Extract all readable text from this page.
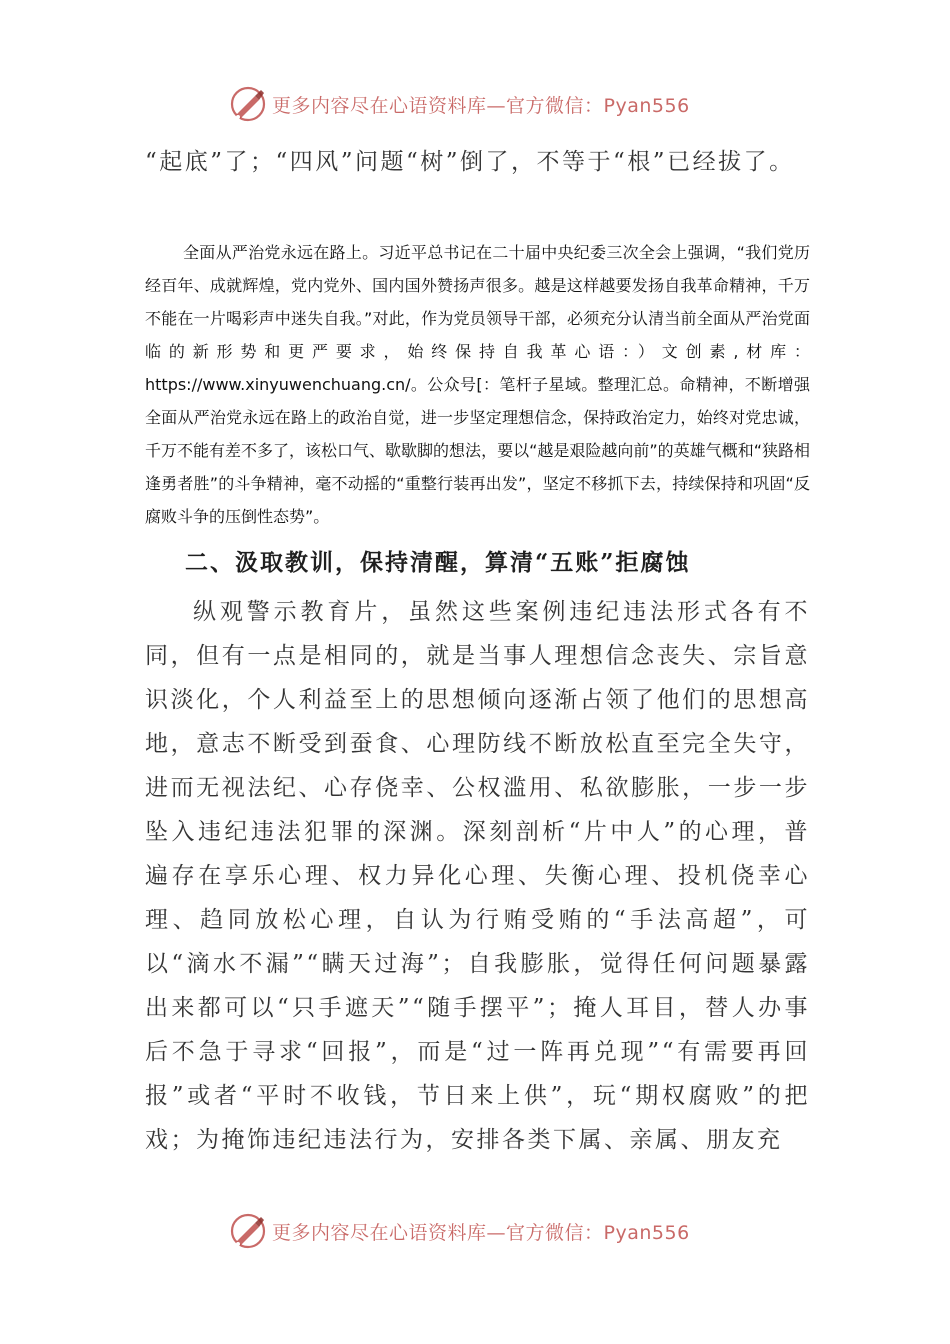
更多内容尽在心语资料库—官方微信：Pyan556

“起底”了；“四风”问题“树”倒了，不等于“根”已经拔了。

全面从严治党永远在路上。习近平总书记在二十届中央纪委三次全会上强调，“我们党历经百年、成就辉煌，党内党外、国内国外赞扬声很多。越是这样越要发扬自我革命精神，千万不能在一片喝彩声中迷失自我。”对此，作为党员领导干部，必须充分认清当前全面从严治党面临的新形势和更严要求，始终保持自我革心语：）文创素,材库：https://www.xinyuwenchuang.cn/。公众号[：笔杆子星域。整理汇总。命精神，不断增强全面从严治党永远在路上的政治自觉，进一步坚定理想信念，保持政治定力，始终对党忠诚，千万不能有差不多了，该松口气、歇歇脚的想法，要以“越是艰险越向前”的英雄气概和“狭路相逢勇者胜”的斗争精神，毫不动摇的“重整行装再出发”，坚定不移抓下去，持续保持和巩固“反腐败斗争的压倒性态势”。

二、汲取教训，保持清醒，算清“五账”拒腐蚀

纵观警示教育片，虽然这些案例违纪违法形式各有不同，但有一点是相同的，就是当事人理想信念丧失、宗旨意识淡化，个人利益至上的思想倾向逐渐占领了他们的思想高地，意志不断受到蚕食、心理防线不断放松直至完全失守，进而无视法纪、心存侥幸、公权滥用、私欲膨胀，一步一步坠入违纪违法犯罪的深渊。深刻剖析“片中人”的心理，普遍存在享乐心理、权力异化心理、失衡心理、投机侥幸心理、趋同放松心理，自认为行贿受贿的“手法高超”，可以“滴水不漏”“瞒天过海”；自我膨胀，觉得任何问题暴露出来都可以“只手遮天”“随手摆平”；掩人耳目，替人办事后不急于寻求“回报”，而是“过一阵再兑现”“有需要再回报”或者“平时不收钱，节日来上供”，玩“期权腐败”的把戏；为掩饰违纪违法行为，安排各类下属、亲属、朋友充

更多内容尽在心语资料库—官方微信：Pyan556
